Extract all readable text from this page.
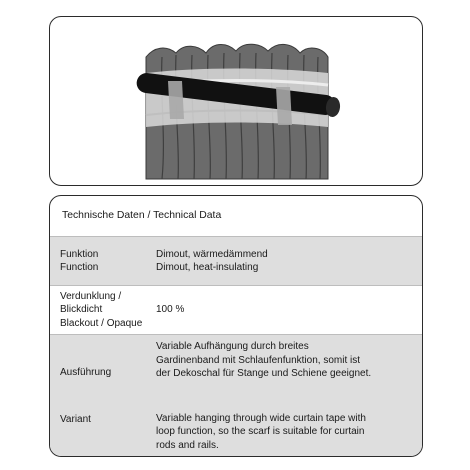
Technische Daten / Technical Data
Funktion
Function
Dimout, wärmedämmend
Dimout, heat-insulating
Verdunklung /
Blickdicht
Blackout / Opaque
100 %
Ausführung
Variant
Variable Aufhängung durch breites
Gardinenband mit Schlaufenfunktion, somit ist
der Dekoschal für Stange und Schiene geeignet.
Variable hanging through wide curtain tape with
loop function, so the scarf is suitable for curtain
rods and rails.
